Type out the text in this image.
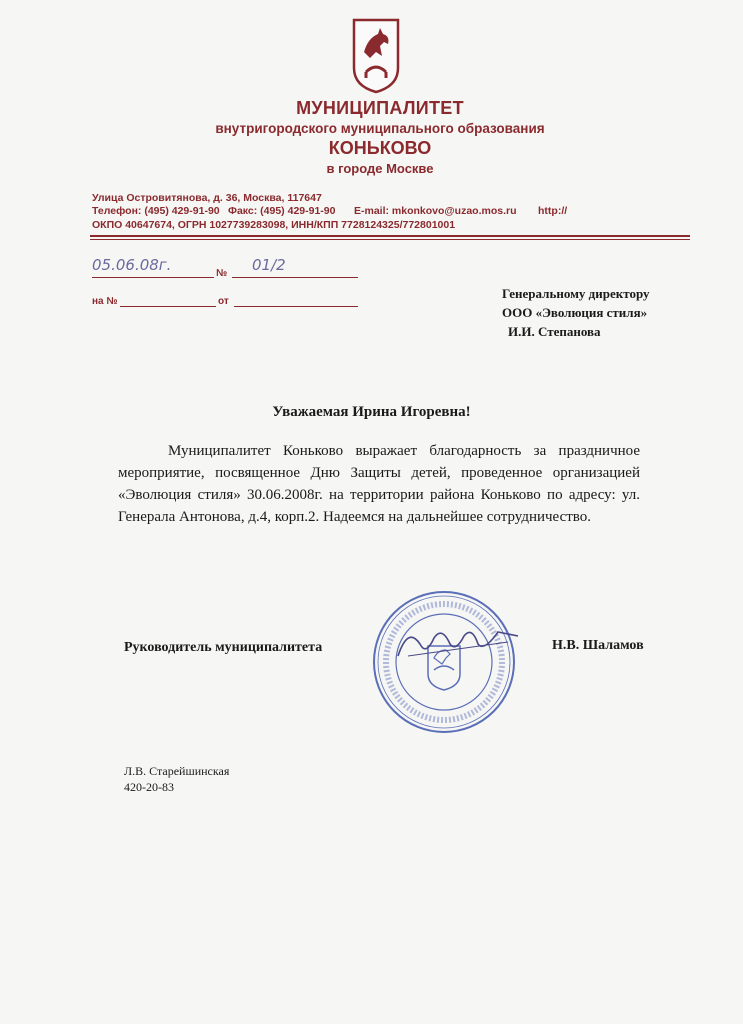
МУНИЦИПАЛИТЕТ
внутригородского муниципального образования
КОНЬКОВО
в городе Москве
Улица Островитянова, д. 36, Москва, 117647
Телефон: (495) 429-91-90 Факс: (495) 429-91-90 E-mail: mkonkovo@uzao.mos.ru http://
ОКПО 40647674, ОГРН 1027739283098, ИНН/КПП 7728124325/772801001
05.06.08г.	№ 01/2
на №	от
Генеральному директору
ООО «Эволюция стиля»
И.И. Степанова
Уважаемая Ирина Игоревна!

Муниципалитет Коньково выражает благодарность за праздничное мероприятие, посвященное Дню Защиты детей, проведенное организацией «Эволюция стиля» 30.06.2008г. на территории района Коньково по адресу: ул. Генерала Антонова, д.4, корп.2. Надеемся на дальнейшее сотрудничество.

Руководитель муниципалитета	Н.В. Шаламов
Л.В. Старейшинская
420-20-83
